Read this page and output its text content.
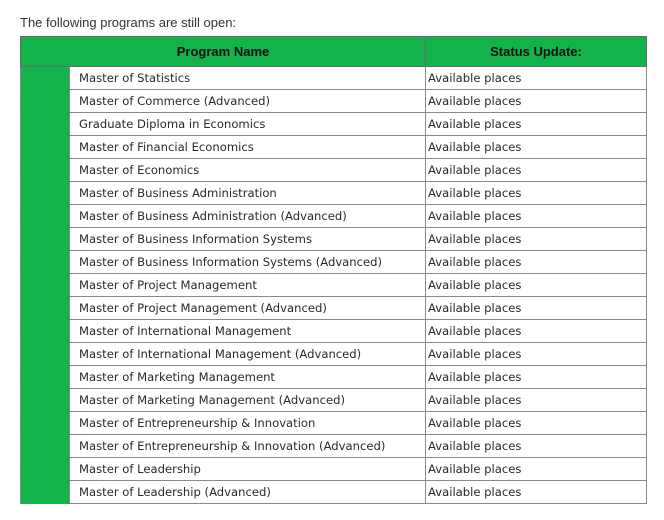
The following programs are still open:
Program Name		Status Update:
	Master of Statistics	Available places
	Master of Commerce (Advanced)	Available places
	Graduate Diploma in Economics	Available places
	Master of Financial Economics	Available places
	Master of Economics	Available places
	Master of Business Administration	Available places
	Master of Business Administration (Advanced)	Available places
	Master of Business Information Systems	Available places
	Master of Business Information Systems (Advanced)	Available places
	Master of Project Management	Available places
	Master of Project Management (Advanced)	Available places
	Master of International Management	Available places
	Master of International Management (Advanced)	Available places
	Master of Marketing Management	Available places
	Master of Marketing Management (Advanced)	Available places
	Master of Entrepreneurship & Innovation	Available places
	Master of Entrepreneurship & Innovation (Advanced)	Available places
	Master of Leadership	Available places
	Master of Leadership (Advanced)	Available places
